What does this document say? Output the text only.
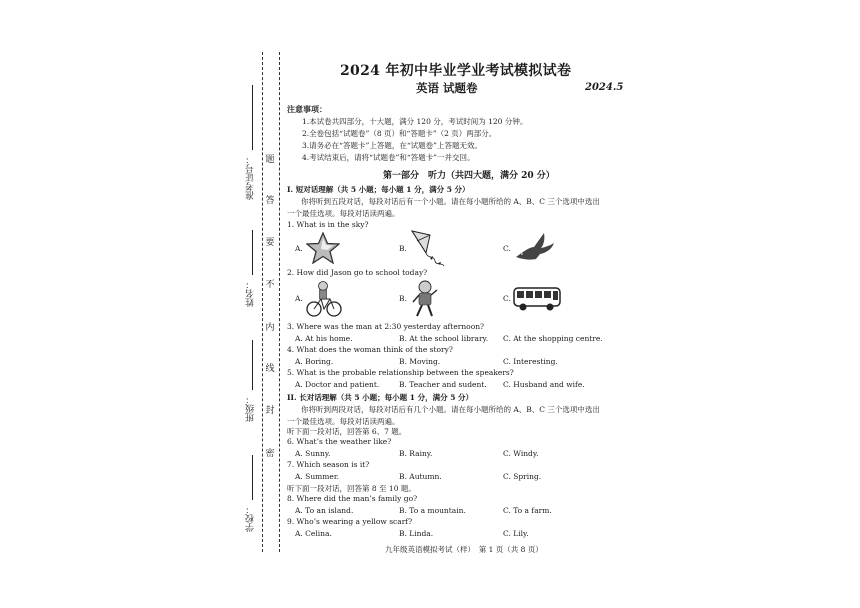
准考证号：
姓名：
班级：
学校：
题
答
要
不
内
线
封
密
2024 年初中毕业学业考试模拟试卷
英语 试题卷	2024.5
注意事项：
1.本试卷共四部分，十大题，满分 120 分，考试时间为 120 分钟。
2.全卷包括“试题卷”（8 页）和“答题卡”（2 页）两部分。
3.请务必在“答题卡”上答题，在“试题卷”上答题无效。
4.考试结束后，请将“试题卷”和“答题卡”一并交回。
第一部分　听力（共四大题，满分 20 分）
I. 短对话理解（共 5 小题；每小题 1 分，满分 5 分）
你将听到五段对话，每段对话后有一个小题。请在每小题所给的 A、B、C 三个选项中选出
一个最佳选项。每段对话读两遍。
1. What is in the sky?
A.	B.	C.
2. How did Jason go to school today?
A.	B.	C.
3. Where was the man at 2:30 yesterday afternoon?
A. At his home.	B. At the school library. C. At the shopping centre.
4. What does the woman think of the story?
A. Boring.	B. Moving.	C. Interesting.
5. What is the probable relationship between the speakers?
A. Doctor and patient.	B. Teacher and sudent. C. Husband and wife.
II. 长对话理解（共 5 小题；每小题 1 分，满分 5 分）
你将听到两段对话，每段对话后有几个小题。请在每小题所给的 A、B、C 三个选项中选出
一个最佳选项。每段对话读两遍。
听下面一段对话，回答第 6、7 题。
6. What’s the weather like?
A. Sunny.	B. Rainy.	C. Windy.
7. Which season is it?
A. Summer.	B. Autumn.	C. Spring.
听下面一段对话，回答第 8 至 10 题。
8. Where did the man’s family go?
A. To an island.	B. To a mountain.	C. To a farm.
9. Who’s wearing a yellow scarf?
A. Celina.	B. Linda.	C. Lily.
九年级英语模拟考试（样）　第 1 页（共 8 页）
